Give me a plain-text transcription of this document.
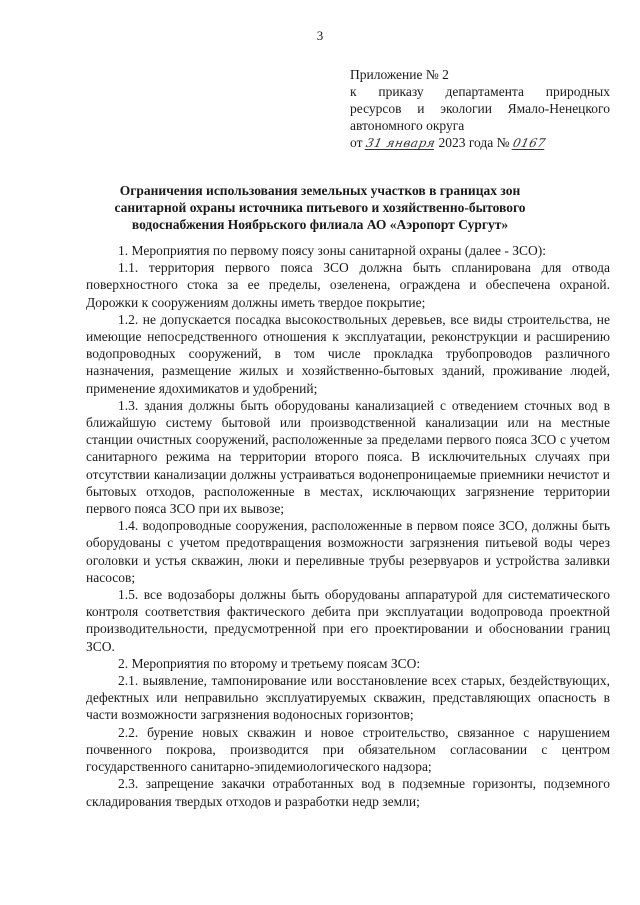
3
Приложение № 2
к приказу департамента природных
ресурсов и экологии Ямало-Ненецкого
автономного округа
от 31 января 2023 года № 0167
Ограничения использования земельных участков в границах зон
санитарной охраны источника питьевого и хозяйственно-бытового
водоснабжения Ноябрьского филиала АО «Аэропорт Сургут»

1. Мероприятия по первому поясу зоны санитарной охраны (далее - ЗСО):

1.1. территория первого пояса ЗСО должна быть спланирована для отвода поверхностного стока за ее пределы, озеленена, ограждена и обеспечена охраной. Дорожки к сооружениям должны иметь твердое покрытие;

1.2. не допускается посадка высокоствольных деревьев, все виды строительства, не имеющие непосредственного отношения к эксплуатации, реконструкции и расширению водопроводных сооружений, в том числе прокладка трубопроводов различного назначения, размещение жилых и хозяйственно-бытовых зданий, проживание людей, применение ядохимикатов и удобрений;

1.3. здания должны быть оборудованы канализацией с отведением сточных вод в ближайшую систему бытовой или производственной канализации или на местные станции очистных сооружений, расположенные за пределами первого пояса ЗСО с учетом санитарного режима на территории второго пояса. В исключительных случаях при отсутствии канализации должны устраиваться водонепроницаемые приемники нечистот и бытовых отходов, расположенные в местах, исключающих загрязнение территории первого пояса ЗСО при их вывозе;

1.4. водопроводные сооружения, расположенные в первом поясе ЗСО, должны быть оборудованы с учетом предотвращения возможности загрязнения питьевой воды через оголовки и устья скважин, люки и переливные трубы резервуаров и устройства заливки насосов;

1.5. все водозаборы должны быть оборудованы аппаратурой для систематического контроля соответствия фактического дебита при эксплуатации водопровода проектной производительности, предусмотренной при его проектировании и обосновании границ ЗСО.

2. Мероприятия по второму и третьему поясам ЗСО:

2.1. выявление, тампонирование или восстановление всех старых, бездействующих, дефектных или неправильно эксплуатируемых скважин, представляющих опасность в части возможности загрязнения водоносных горизонтов;

2.2. бурение новых скважин и новое строительство, связанное с нарушением почвенного покрова, производится при обязательном согласовании с центром государственного санитарно-эпидемиологического надзора;

2.3. запрещение закачки отработанных вод в подземные горизонты, подземного складирования твердых отходов и разработки недр земли;
